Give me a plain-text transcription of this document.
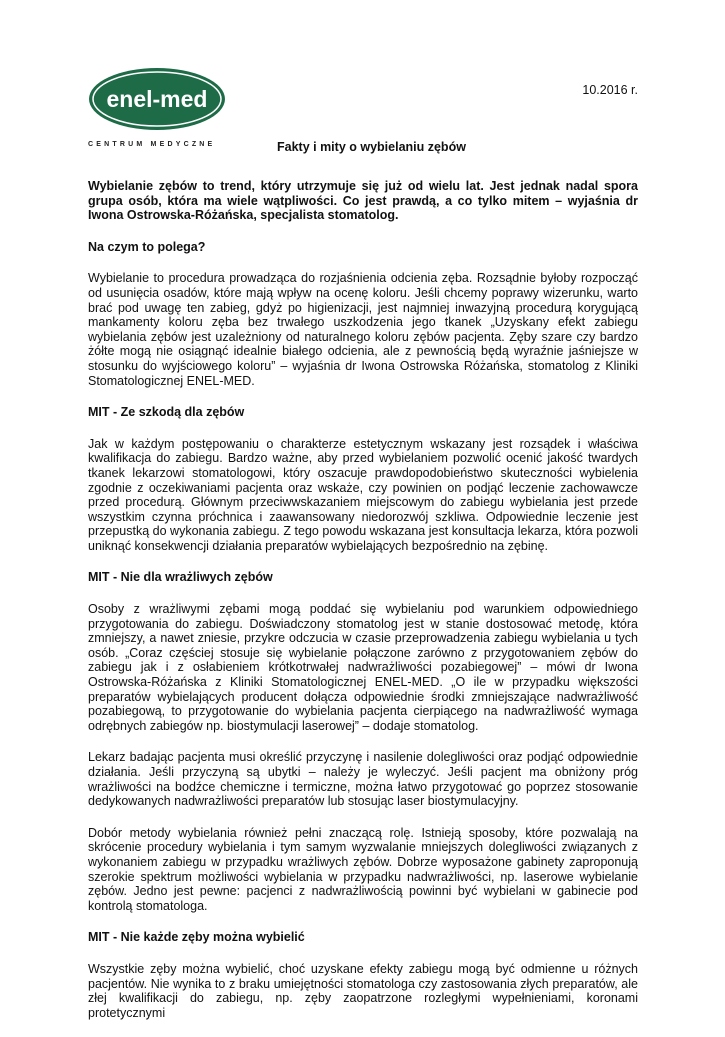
enel-med
CENTRUM MEDYCZNE
10.2016 r.
Fakty i mity o wybielaniu zębów

Wybielanie zębów to trend, który utrzymuje się już od wielu lat. Jest jednak nadal spora grupa osób, która ma wiele wątpliwości. Co jest prawdą, a co tylko mitem – wyjaśnia dr Iwona Ostrowska-Różańska, specjalista stomatolog.

Na czym to polega?

Wybielanie to procedura prowadząca do rozjaśnienia odcienia zęba. Rozsądnie byłoby rozpocząć od usunięcia osadów, które mają wpływ na ocenę koloru. Jeśli chcemy poprawy wizerunku, warto brać pod uwagę ten zabieg, gdyż po higienizacji, jest najmniej inwazyjną procedurą korygującą mankamenty koloru zęba bez trwałego uszkodzenia jego tkanek „Uzyskany efekt zabiegu wybielania zębów jest uzależniony od naturalnego koloru zębów pacjenta. Zęby szare czy bardzo żółte mogą nie osiągnąć idealnie białego odcienia, ale z pewnością będą wyraźnie jaśniejsze w stosunku do wyjściowego koloru” – wyjaśnia dr Iwona Ostrowska Różańska, stomatolog z Kliniki Stomatologicznej ENEL-MED.

MIT - Ze szkodą dla zębów

Jak w każdym postępowaniu o charakterze estetycznym wskazany jest rozsądek i właściwa kwalifikacja do zabiegu. Bardzo ważne, aby przed wybielaniem pozwolić ocenić jakość twardych tkanek lekarzowi stomatologowi, który oszacuje prawdopodobieństwo skuteczności wybielenia zgodnie z oczekiwaniami pacjenta oraz wskaże, czy powinien on podjąć leczenie zachowawcze przed procedurą. Głównym przeciwwskazaniem miejscowym do zabiegu wybielania jest przede wszystkim czynna próchnica i zaawansowany niedorozwój szkliwa. Odpowiednie leczenie jest przepustką do wykonania zabiegu. Z tego powodu wskazana jest konsultacja lekarza, która pozwoli uniknąć konsekwencji działania preparatów wybielających bezpośrednio na zębinę.

MIT - Nie dla wrażliwych zębów

Osoby z wrażliwymi zębami mogą poddać się wybielaniu pod warunkiem odpowiedniego przygotowania do zabiegu. Doświadczony stomatolog jest w stanie dostosować metodę, która zmniejszy, a nawet zniesie, przykre odczucia w czasie przeprowadzenia zabiegu wybielania u tych osób. „Coraz częściej stosuje się wybielanie połączone zarówno z przygotowaniem zębów do zabiegu jak i z osłabieniem krótkotrwałej nadwrażliwości pozabiegowej” – mówi dr Iwona Ostrowska-Różańska z Kliniki Stomatologicznej ENEL-MED. „O ile w przypadku większości preparatów wybielających producent dołącza odpowiednie środki zmniejszające nadwrażliwość pozabiegową, to przygotowanie do wybielania pacjenta cierpiącego na nadwrażliwość wymaga odrębnych zabiegów np. biostymulacji laserowej” – dodaje stomatolog.

Lekarz badając pacjenta musi określić przyczynę i nasilenie dolegliwości oraz podjąć odpowiednie działania. Jeśli przyczyną są ubytki – należy je wyleczyć. Jeśli pacjent ma obniżony próg wrażliwości na bodźce chemiczne i termiczne, można łatwo przygotować go poprzez stosowanie dedykowanych nadwrażliwości preparatów lub stosując laser biostymulacyjny.

Dobór metody wybielania również pełni znaczącą rolę. Istnieją sposoby, które pozwalają na skrócenie procedury wybielania i tym samym wyzwalanie mniejszych dolegliwości związanych z wykonaniem zabiegu w przypadku wrażliwych zębów. Dobrze wyposażone gabinety zaproponują szerokie spektrum możliwości wybielania w przypadku nadwrażliwości, np. laserowe wybielanie zębów. Jedno jest pewne: pacjenci z nadwrażliwością powinni być wybielani w gabinecie pod kontrolą stomatologa.

MIT - Nie każde zęby można wybielić

Wszystkie zęby można wybielić, choć uzyskane efekty zabiegu mogą być odmienne u różnych pacjentów. Nie wynika to z braku umiejętności stomatologa czy zastosowania złych preparatów, ale złej kwalifikacji do zabiegu, np. zęby zaopatrzone rozległymi wypełnieniami, koronami protetycznymi
